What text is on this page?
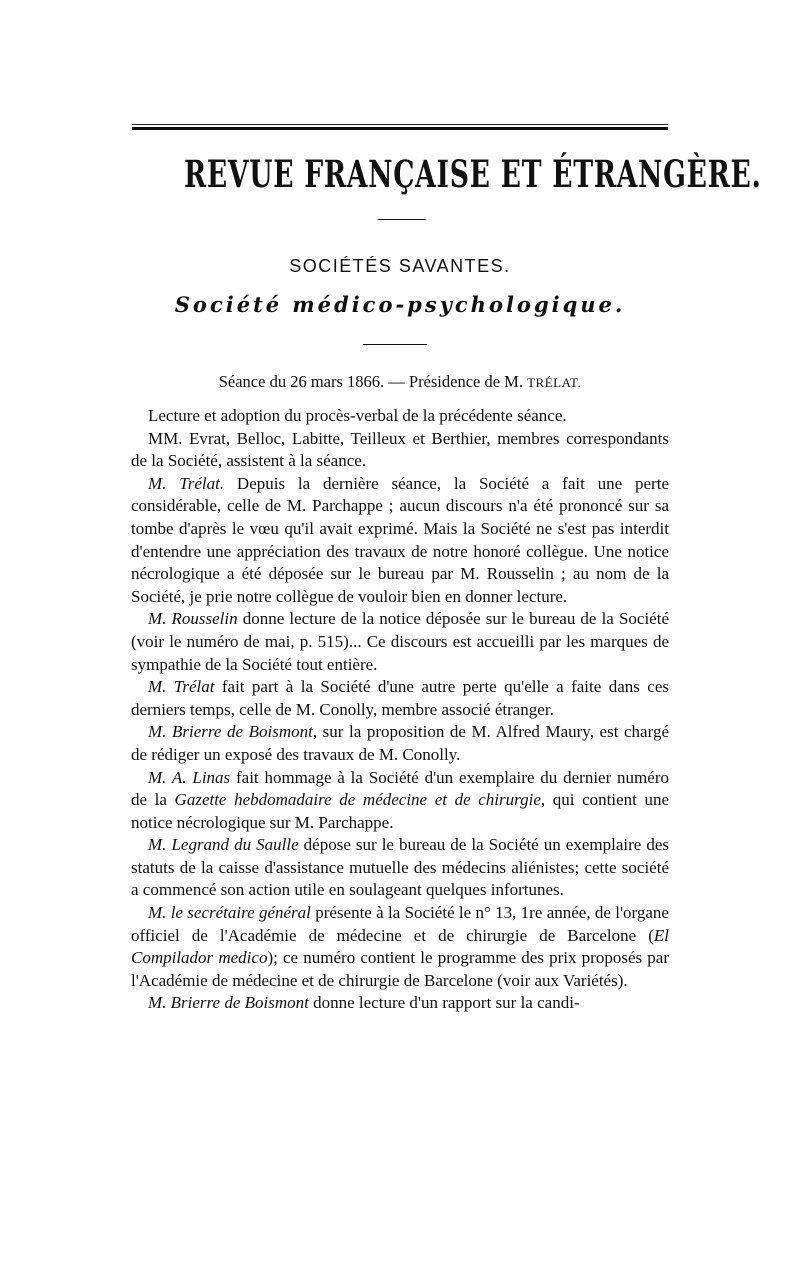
REVUE FRANÇAISE ET ÉTRANGÈRE.
SOCIÉTÉS SAVANTES.
Société médico-psychologique.
Séance du 26 mars 1866. — Présidence de M. TRÉLAT.

Lecture et adoption du procès-verbal de la précédente séance.

MM. Evrat, Belloc, Labitte, Teilleux et Berthier, membres correspondants de la Société, assistent à la séance.

M. Trélat. Depuis la dernière séance, la Société a fait une perte considérable, celle de M. Parchappe ; aucun discours n'a été prononcé sur sa tombe d'après le vœu qu'il avait exprimé. Mais la Société ne s'est pas interdit d'entendre une appréciation des travaux de notre honoré collègue. Une notice nécrologique a été déposée sur le bureau par M. Rousselin ; au nom de la Société, je prie notre collègue de vouloir bien en donner lecture.

M. Rousselin donne lecture de la notice déposée sur le bureau de la Société (voir le numéro de mai, p. 515)... Ce discours est accueilli par les marques de sympathie de la Société tout entière.

M. Trélat fait part à la Société d'une autre perte qu'elle a faite dans ces derniers temps, celle de M. Conolly, membre associé étranger.

M. Brierre de Boismont, sur la proposition de M. Alfred Maury, est chargé de rédiger un exposé des travaux de M. Conolly.

M. A. Linas fait hommage à la Société d'un exemplaire du dernier numéro de la Gazette hebdomadaire de médecine et de chirurgie, qui contient une notice nécrologique sur M. Parchappe.

M. Legrand du Saulle dépose sur le bureau de la Société un exemplaire des statuts de la caisse d'assistance mutuelle des médecins aliénistes; cette société a commencé son action utile en soulageant quelques infortunes.

M. le secrétaire général présente à la Société le n° 13, 1re année, de l'organe officiel de l'Académie de médecine et de chirurgie de Barcelone (El Compilador medico); ce numéro contient le programme des prix proposés par l'Académie de médecine et de chirurgie de Barcelone (voir aux Variétés).

M. Brierre de Boismont donne lecture d'un rapport sur la candi-
